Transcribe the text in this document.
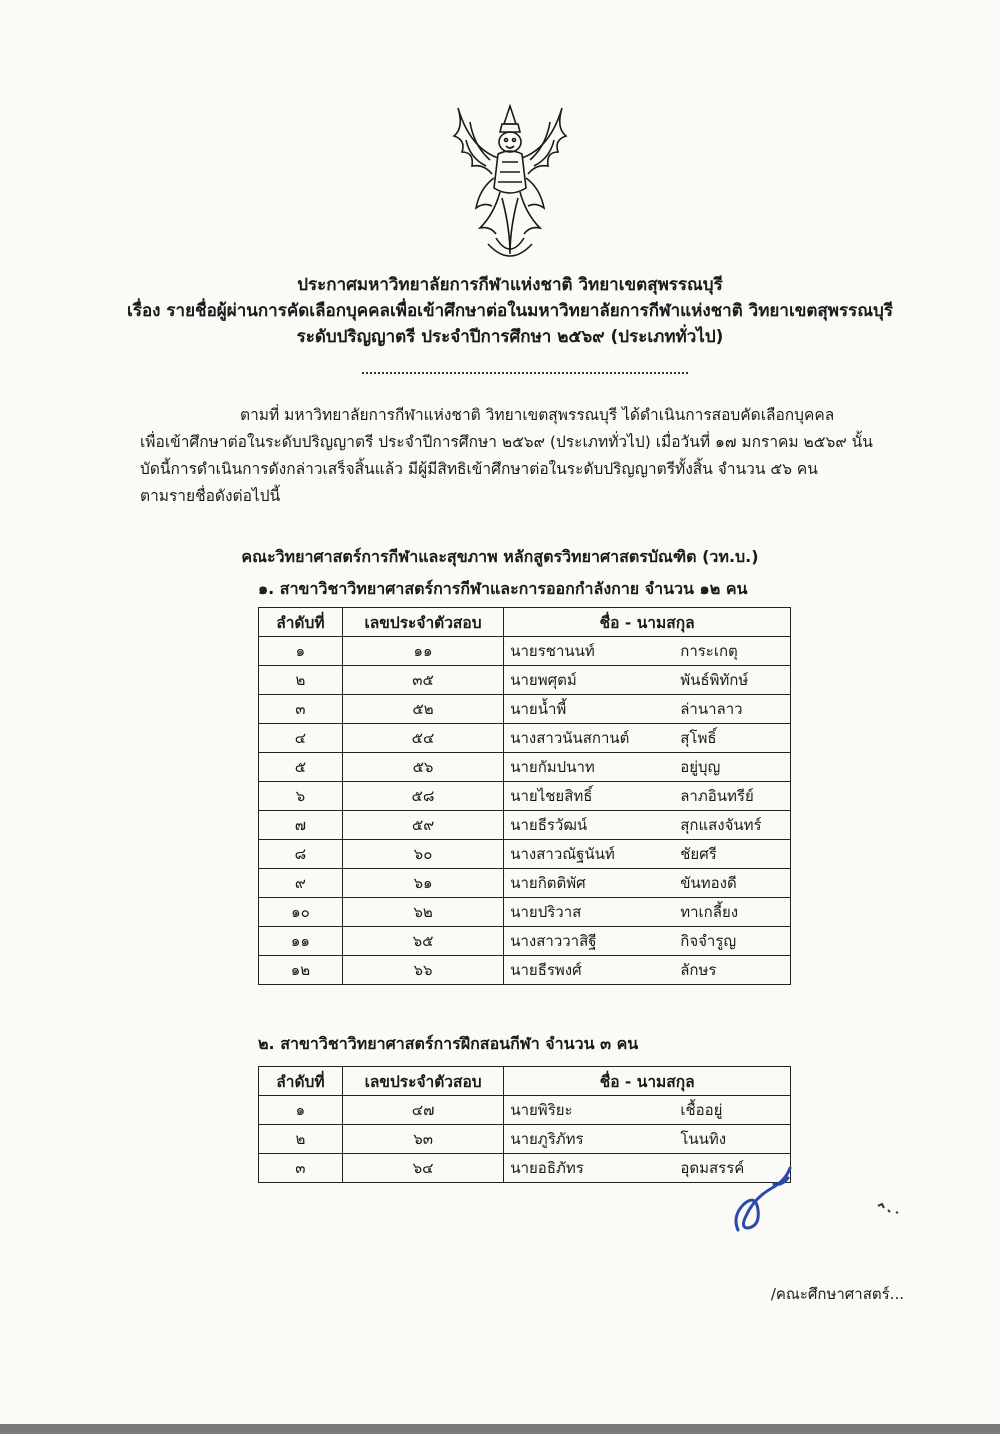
ประกาศมหาวิทยาลัยการกีฬาแห่งชาติ วิทยาเขตสุพรรณบุรี
เรื่อง รายชื่อผู้ผ่านการคัดเลือกบุคคลเพื่อเข้าศึกษาต่อในมหาวิทยาลัยการกีฬาแห่งชาติ วิทยาเขตสุพรรณบุรี
ระดับปริญญาตรี ประจำปีการศึกษา ๒๕๖๙ (ประเภททั่วไป)
ตามที่ มหาวิทยาลัยการกีฬาแห่งชาติ วิทยาเขตสุพรรณบุรี ได้ดำเนินการสอบคัดเลือกบุคคล
เพื่อเข้าศึกษาต่อในระดับปริญญาตรี ประจำปีการศึกษา ๒๕๖๙ (ประเภททั่วไป) เมื่อวันที่ ๑๗ มกราคม ๒๕๖๙ นั้น
บัดนี้การดำเนินการดังกล่าวเสร็จสิ้นแล้ว มีผู้มีสิทธิเข้าศึกษาต่อในระดับปริญญาตรีทั้งสิ้น จำนวน ๕๖ คน
ตามรายชื่อดังต่อไปนี้
คณะวิทยาศาสตร์การกีฬาและสุขภาพ หลักสูตรวิทยาศาสตรบัณฑิต (วท.บ.)
๑. สาขาวิชาวิทยาศาสตร์การกีฬาและการออกกำลังกาย จำนวน ๑๒ คน
ลำดับที่	เลขประจำตัวสอบ	ชื่อ - นามสกุล
๑	๑๑	นายรชานนท์ การะเกตุ

๒	๓๕	นายพศุตม์ พันธ์พิทักษ์

๓	๕๒	นายน้ำพี้ ล่านาลาว

๔	๕๔	นางสาวนันสกานต์ สุโพธิ์

๕	๕๖	นายกัมปนาท อยู่บุญ

๖	๕๘	นายไชยสิทธิ์ ลาภอินทรีย์

๗	๕๙	นายธีรวัฒน์ สุกแสงจันทร์

๘	๖๐	นางสาวณัฐนันท์ ชัยศรี

๙	๖๑	นายกิตติพัศ ขันทองดี

๑๐	๖๒	นายปริวาส ทาเกลี้ยง

๑๑	๖๕	นางสาววาสิฐี กิจจำรูญ

๑๒	๖๖	นายธีรพงศ์ ลักษร
๒. สาขาวิชาวิทยาศาสตร์การฝึกสอนกีฬา จำนวน ๓ คน
ลำดับที่	เลขประจำตัวสอบ	ชื่อ - นามสกุล
๑	๔๗	นายพิริยะ เชื้ออยู่

๒	๖๓	นายภูริภัทร โนนทิง

๓	๖๔	นายอธิภัทร อุดมสรรค์
/คณะศึกษาศาสตร์...
